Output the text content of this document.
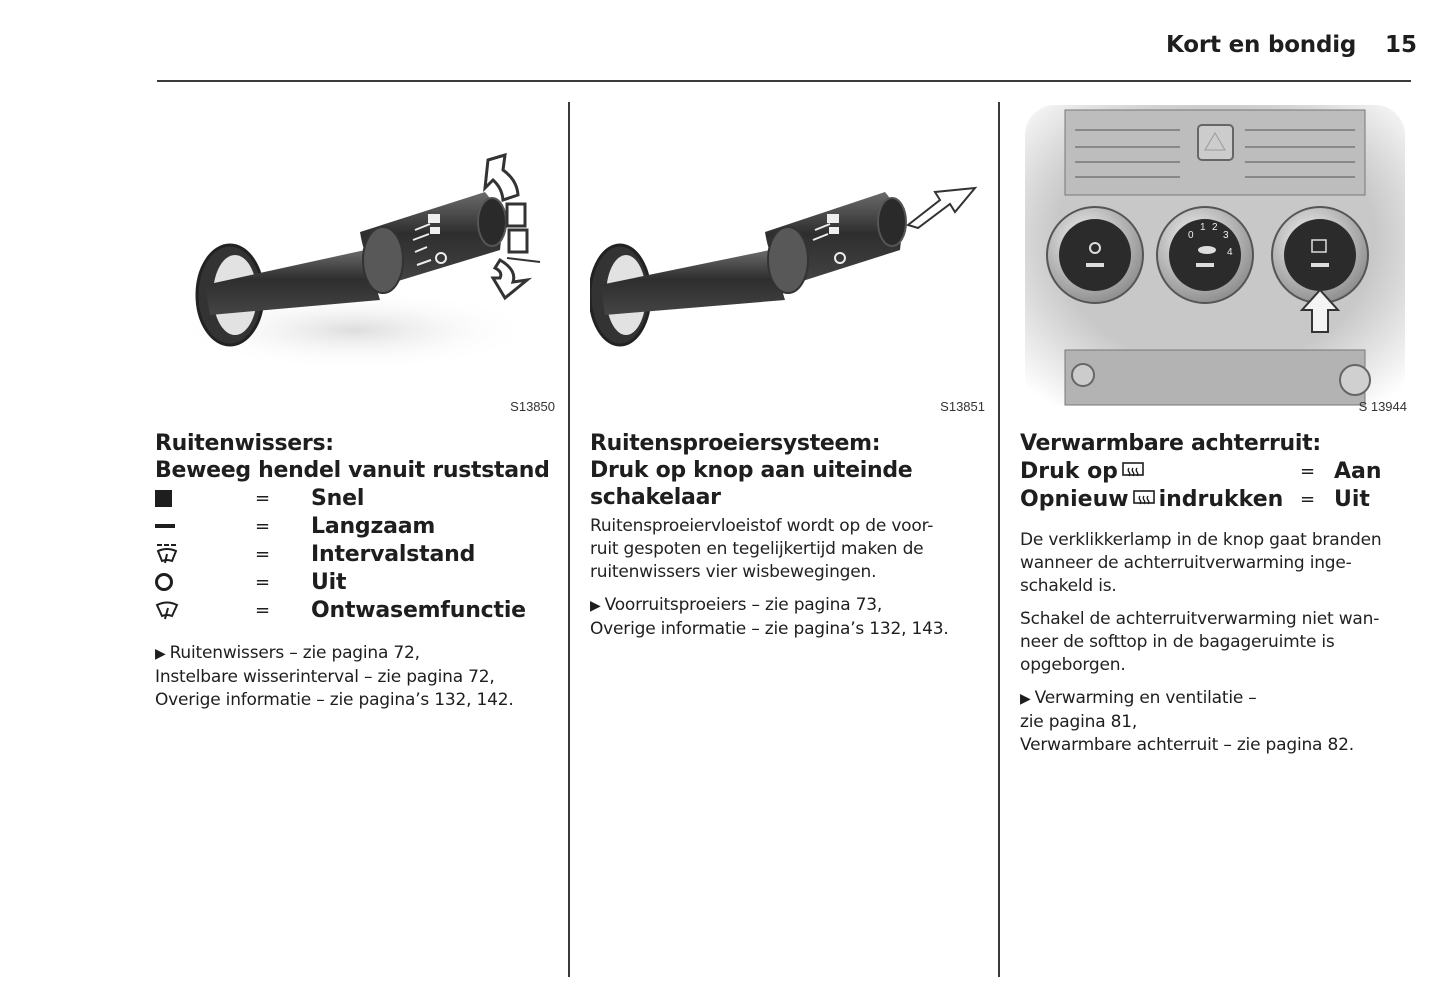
Kort en bondig 15
S13850
Ruitenwissers:
Beweeg hendel vanuit ruststand
=	Snel
=	Langzaam
=	Intervalstand
=	Uit
=	Ontwasemfunctie
▶ Ruitenwissers – zie pagina 72,
Instelbare wisserinterval – zie pagina 72,
Overige informatie – zie pagina’s 132, 142.
S13851
Ruitensproeiersysteem:
Druk op knop aan uiteinde
schakelaar

Ruitensproeiervloeistof wordt op de voor-

ruit gespoten en tegelijkertijd maken de

ruitenwissers vier wisbewegingen.

▶ Voorruitsproeiers – zie pagina 73,
Overige informatie – zie pagina’s 132, 143.
0
1 2
3
4
S 13944
Verwarmbare achterruit:
Druk op	= Aan
Opnieuw indrukken = Uit

De verklikkerlamp in de knop gaat branden

wanneer de achterruitverwarming inge-

schakeld is.

Schakel de achterruitverwarming niet wan-

neer de softtop in de bagageruimte is

opgeborgen.

▶ Verwarming en ventilatie –
zie pagina 81,
Verwarmbare achterruit – zie pagina 82.
